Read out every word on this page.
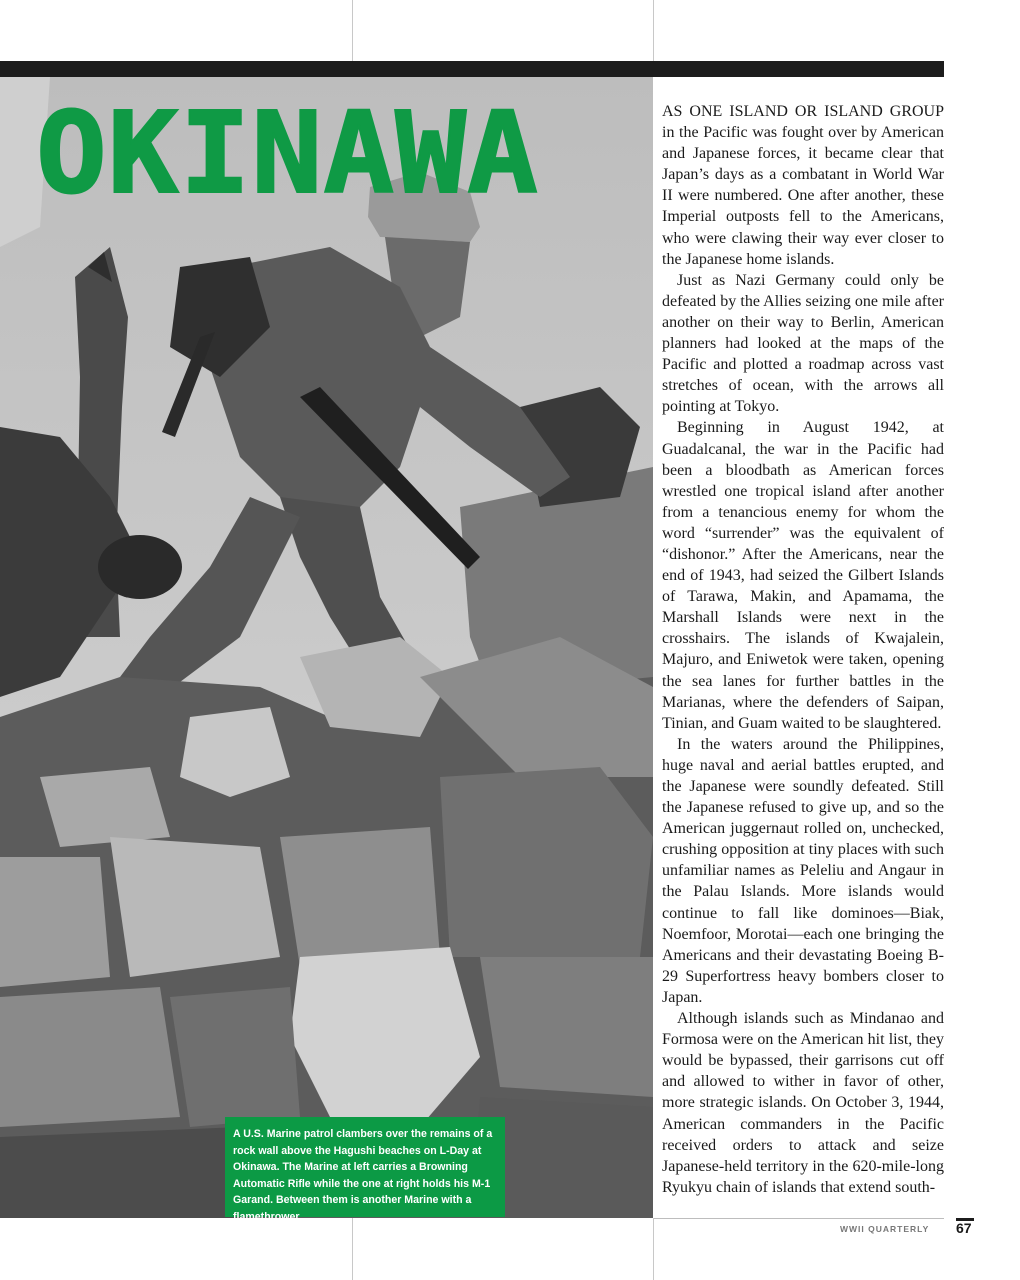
OKINAWA

A U.S. Marine patrol clambers over the remains of a rock wall above the Hagushi beaches on L-Day at Okinawa. The Marine at left carries a Browning Automatic Rifle while the one at right holds his M-1 Garand. Between them is another Marine with a flamethrower.

AS ONE ISLAND OR ISLAND GROUP in the Pacific was fought over by American and Japanese forces, it became clear that Japan’s days as a combatant in World War II were numbered. One after another, these Imperial outposts fell to the Americans, who were clawing their way ever closer to the Japanese home islands.

Just as Nazi Germany could only be defeated by the Allies seizing one mile after another on their way to Berlin, American planners had looked at the maps of the Pacific and plotted a roadmap across vast stretches of ocean, with the arrows all pointing at Tokyo.

Beginning in August 1942, at Guadalcanal, the war in the Pacific had been a bloodbath as American forces wrestled one tropical island after another from a tenancious enemy for whom the word “surrender” was the equivalent of “dishonor.” After the Americans, near the end of 1943, had seized the Gilbert Islands of Tarawa, Makin, and Apamama, the Marshall Islands were next in the crosshairs. The islands of Kwajalein, Majuro, and Eniwetok were taken, opening the sea lanes for further battles in the Marianas, where the defenders of Saipan, Tinian, and Guam waited to be slaughtered.

In the waters around the Philippines, huge naval and aerial battles erupted, and the Japanese were soundly defeated. Still the Japanese refused to give up, and so the American juggernaut rolled on, unchecked, crushing opposition at tiny places with such unfamiliar names as Peleliu and Angaur in the Palau Islands. More islands would continue to fall like dominoes—Biak, Noemfoor, Morotai—each one bringing the Americans and their devastating Boeing B-29 Superfortress heavy bombers closer to Japan.

Although islands such as Mindanao and Formosa were on the American hit list, they would be bypassed, their garrisons cut off and allowed to wither in favor of other, more strategic islands. On October 3, 1944, American commanders in the Pacific received orders to attack and seize Japanese-held territory in the 620-mile-long Ryukyu chain of islands that extend south-

WWII QUARTERLY 67
